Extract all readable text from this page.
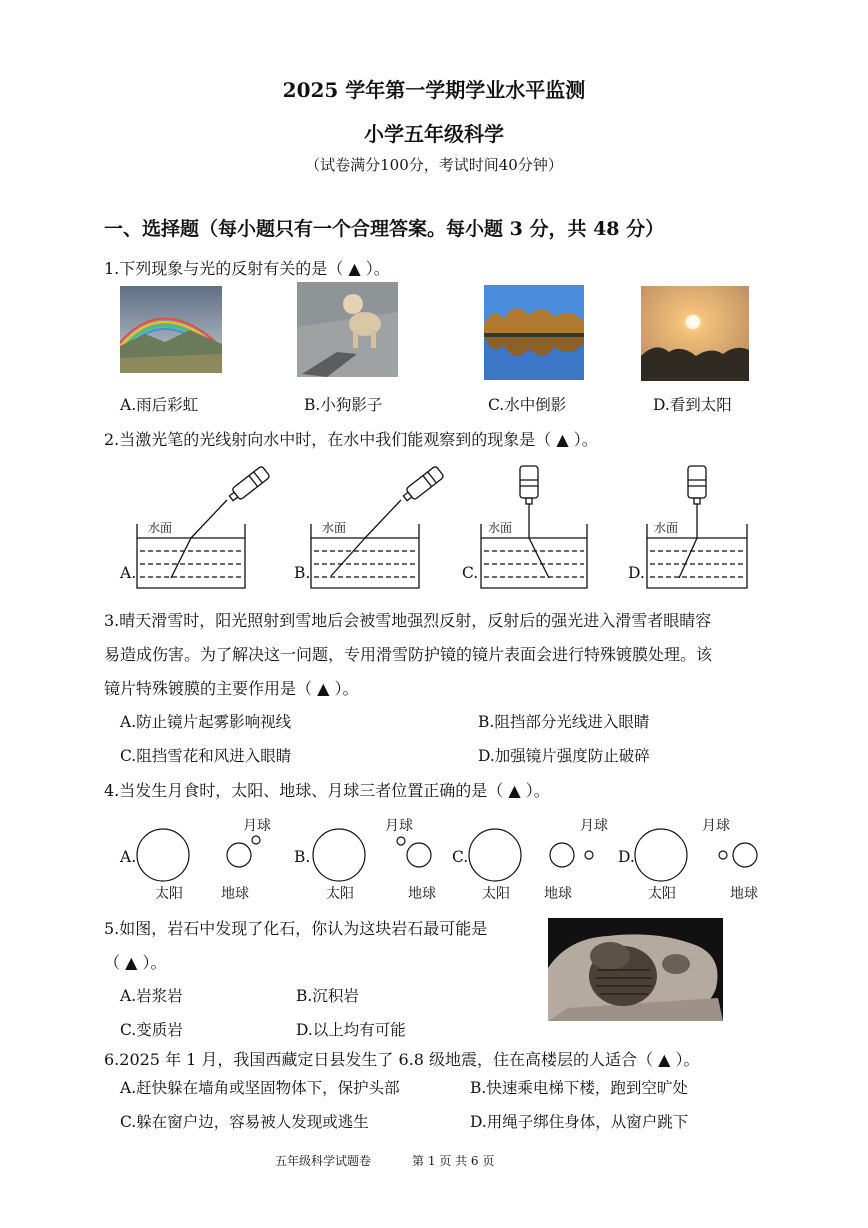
2025 学年第一学期学业水平监测
小学五年级科学
（试卷满分100分，考试时间40分钟）
一、选择题（每小题只有一个合理答案。每小题 3 分，共 48 分）
1.下列现象与光的反射有关的是（ ▲ ）。
A.雨后彩虹	B.小狗影子	C.水中倒影	D.看到太阳
2.当激光笔的光线射向水中时，在水中我们能观察到的现象是（ ▲ ）。
水面	水面	水面	水面
A.	B.	C.	D.
3.晴天滑雪时，阳光照射到雪地后会被雪地强烈反射，反射后的强光进入滑雪者眼睛容
易造成伤害。为了解决这一问题，专用滑雪防护镜的镜片表面会进行特殊镀膜处理。该
镜片特殊镀膜的主要作用是（ ▲ ）。
A.防止镜片起雾影响视线	B.阻挡部分光线进入眼睛
C.阻挡雪花和风进入眼睛	D.加强镜片强度防止破碎
4.当发生月食时，太阳、地球、月球三者位置正确的是（ ▲ ）。
A.	B.	C.	D.
月球	月球	月球	月球
太阳	地球	太阳	地球	太阳 地球	太阳	地球
5.如图，岩石中发现了化石，你认为这块岩石最可能是
（ ▲ ）。
A.岩浆岩	B.沉积岩
C.变质岩	D.以上均有可能
6.2025 年 1 月，我国西藏定日县发生了 6.8 级地震，住在高楼层的人适合（ ▲ ）。
A.赶快躲在墙角或坚固物体下，保护头部	B.快速乘电梯下楼，跑到空旷处
C.躲在窗户边，容易被人发现或逃生	D.用绳子绑住身体，从窗户跳下
五年级科学试题卷	第 1 页 共 6 页
